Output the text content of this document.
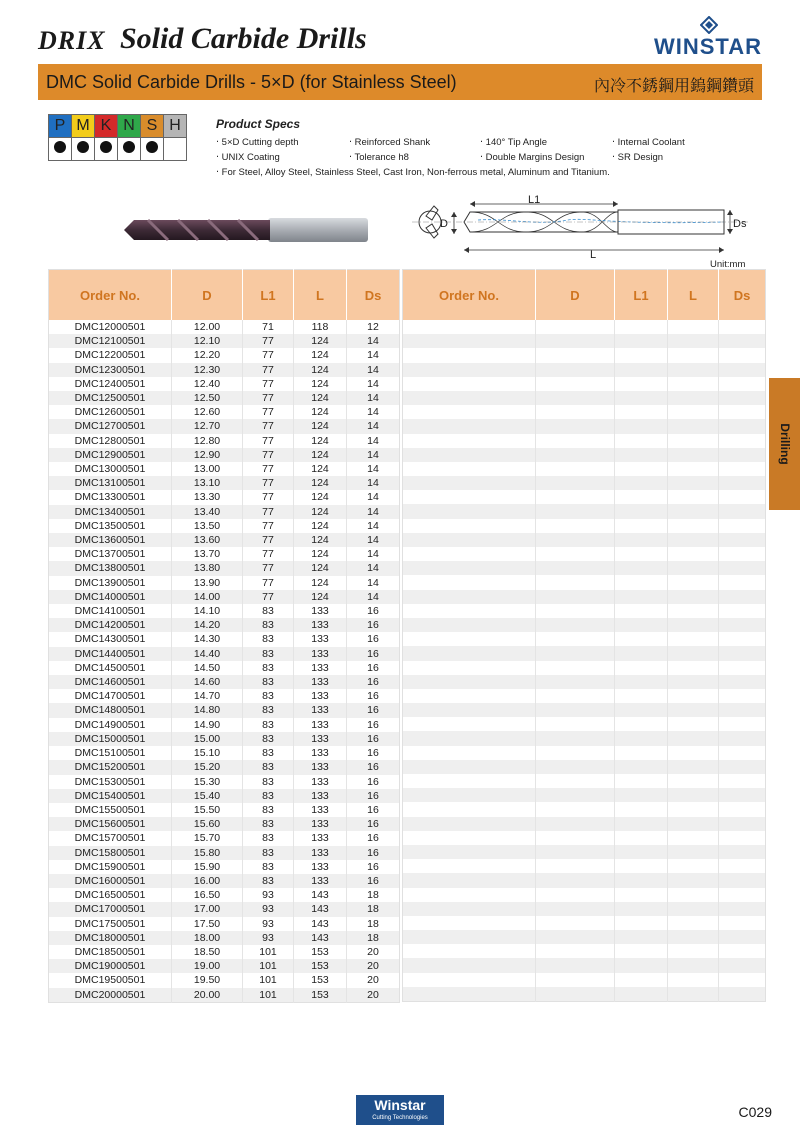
DRIX Solid Carbide Drills	WINSTAR
DMC Solid Carbide Drills - 5×D (for Stainless Steel)	內冷不銹鋼用鎢鋼鑽頭
P	M	K	N	S	H
						Product Specs
‧ 5×D Cutting depth	‧ Reinforced Shank	‧ 140° Tip Angle	‧ Internal Coolant
‧ UNIX Coating	‧ Tolerance h8	‧ Double Margins Design	‧ SR Design
‧ For Steel, Alloy Steel, Stainless Steel, Cast Iron, Non-ferrous metal, Aluminum and Titanium.
L1
D	Ds
L
Unit:mm
Order No.	D	L1	L	Ds
DMC12000501	12.00	71	118	12
DMC12100501	12.10	77	124	14
DMC12200501	12.20	77	124	14
DMC12300501	12.30	77	124	14
DMC12400501	12.40	77	124	14
DMC12500501	12.50	77	124	14
DMC12600501	12.60	77	124	14
DMC12700501	12.70	77	124	14
DMC12800501	12.80	77	124	14
DMC12900501	12.90	77	124	14
DMC13000501	13.00	77	124	14
DMC13100501	13.10	77	124	14
DMC13300501	13.30	77	124	14
DMC13400501	13.40	77	124	14
DMC13500501	13.50	77	124	14
DMC13600501	13.60	77	124	14
DMC13700501	13.70	77	124	14
DMC13800501	13.80	77	124	14
DMC13900501	13.90	77	124	14
DMC14000501	14.00	77	124	14
DMC14100501	14.10	83	133	16
DMC14200501	14.20	83	133	16
DMC14300501	14.30	83	133	16
DMC14400501	14.40	83	133	16
DMC14500501	14.50	83	133	16
DMC14600501	14.60	83	133	16
DMC14700501	14.70	83	133	16
DMC14800501	14.80	83	133	16
DMC14900501	14.90	83	133	16
DMC15000501	15.00	83	133	16
DMC15100501	15.10	83	133	16
DMC15200501	15.20	83	133	16
DMC15300501	15.30	83	133	16
DMC15400501	15.40	83	133	16
DMC15500501	15.50	83	133	16
DMC15600501	15.60	83	133	16
DMC15700501	15.70	83	133	16
DMC15800501	15.80	83	133	16
DMC15900501	15.90	83	133	16
DMC16000501	16.00	83	133	16
DMC16500501	16.50	93	143	18
DMC17000501	17.00	93	143	18
DMC17500501	17.50	93	143	18
DMC18000501	18.00	93	143	18
DMC18500501	18.50	101	153	20
DMC19000501	19.00	101	153	20
DMC19500501	19.50	101	153	20
DMC20000501	20.00	101	153	20
Order No.	D	L1	L	Ds

Drilling
Winstar
Cutting Technologies	C029
